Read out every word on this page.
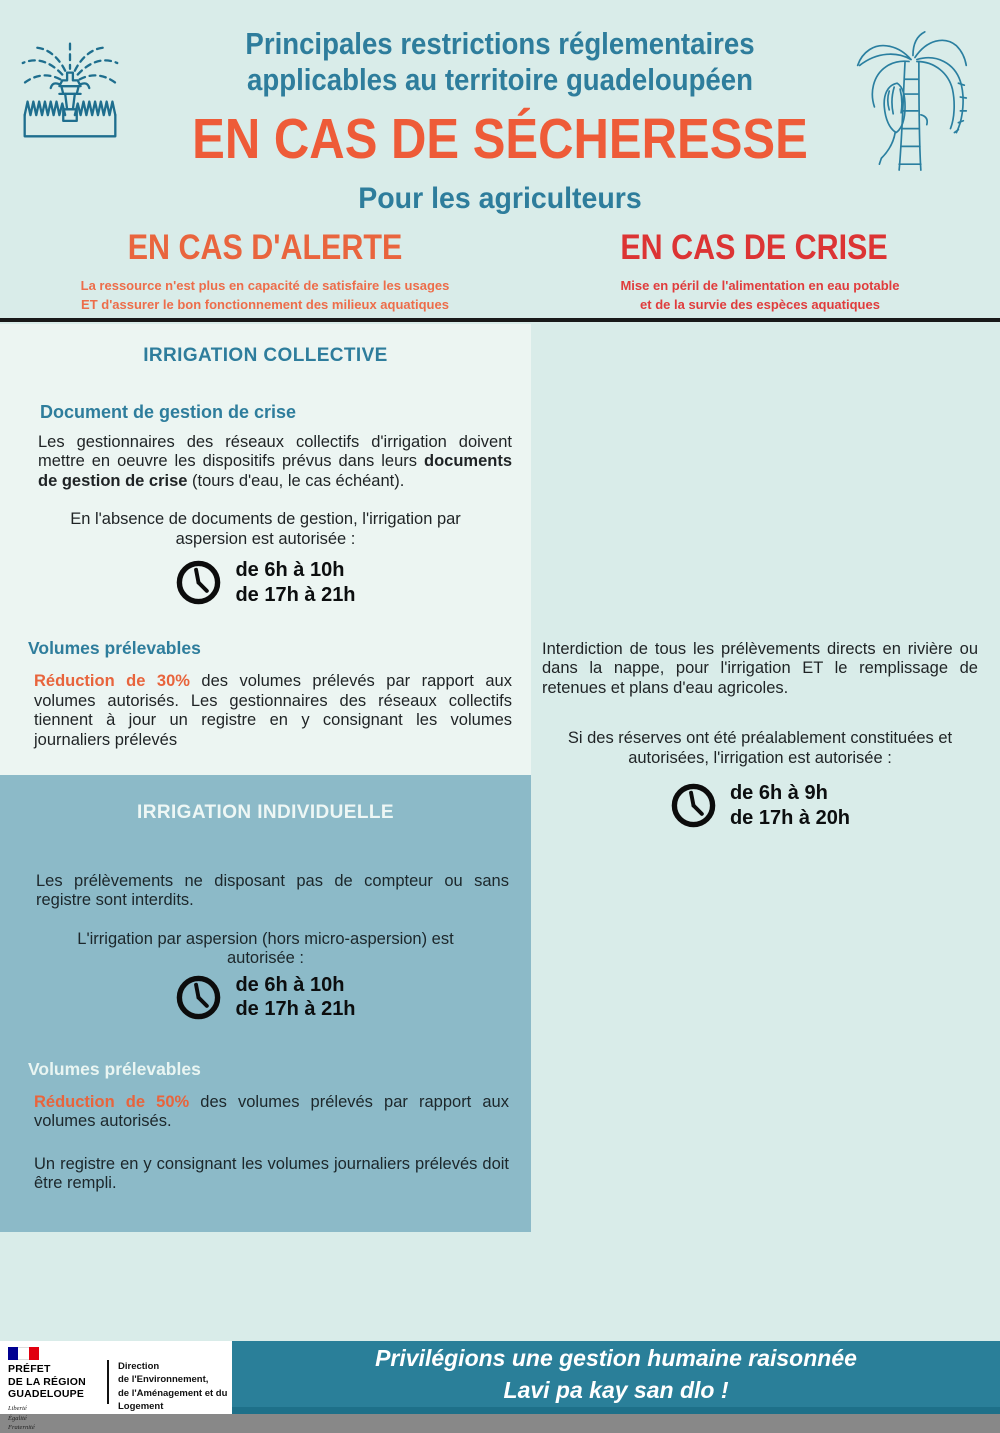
Principales restrictions réglementaires
applicables au territoire guadeloupéen
EN CAS DE SÉCHERESSE
Pour les agriculteurs
EN CAS D'ALERTE	EN CAS DE CRISE
La ressource n'est plus en capacité de satisfaire les usages
ET d'assurer le bon fonctionnement des milieux aquatiques
Mise en péril de l'alimentation en eau potable
et de la survie des espèces aquatiques
IRRIGATION COLLECTIVE
Document de gestion de crise

Les gestionnaires des réseaux collectifs d'irrigation doivent mettre en oeuvre les dispositifs prévus dans leurs documents de gestion de crise (tours d'eau, le cas échéant).

En l'absence de documents de gestion, l'irrigation par aspersion est autorisée :

de 6h à 10h
de 17h à 21h
Volumes prélevables

Réduction de 30% des volumes prélevés par rapport aux volumes autorisés. Les gestionnaires des réseaux collectifs tiennent à jour un registre en y consignant les volumes journaliers prélevés

Interdiction de tous les prélèvements directs en rivière ou dans la nappe, pour l'irrigation ET le remplissage de retenues et plans d'eau agricoles.

Si des réserves ont été préalablement constituées et autorisées, l'irrigation est autorisée :

de 6h à 9h
de 17h à 20h
IRRIGATION INDIVIDUELLE

Les prélèvements ne disposant pas de compteur ou sans registre sont interdits.

L'irrigation par aspersion (hors micro-aspersion) est autorisée :

de 6h à 10h
de 17h à 21h
Volumes prélevables

Réduction de 50% des volumes prélevés par rapport aux volumes autorisés.

Un registre en y consignant les volumes journaliers prélevés doit être rempli.

PRÉFET
DE LA RÉGION
GUADELOUPE
Liberté
Égalité
Fraternité
Direction
de l'Environnement,
de l'Aménagement et du Logement
Privilégions une gestion humaine raisonnée
Lavi pa kay san dlo !
